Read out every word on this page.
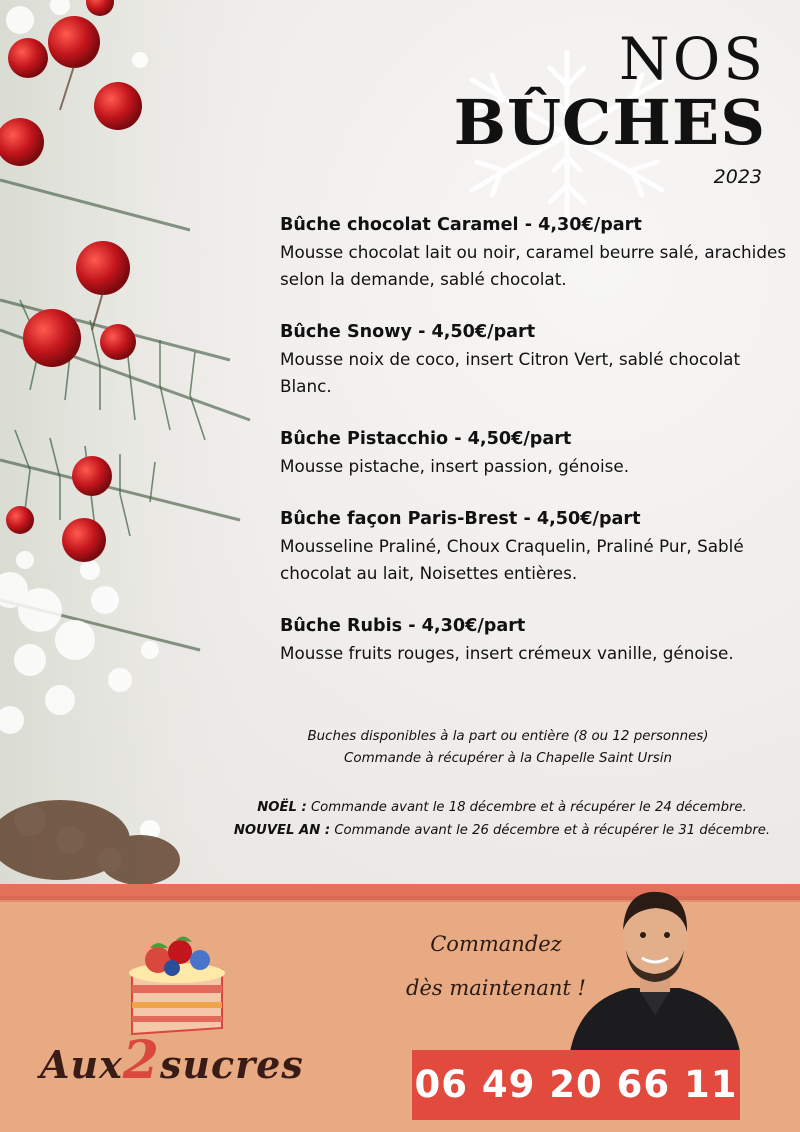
NOS
BÛCHES
2023
Bûche chocolat Caramel - 4,30€/part
Mousse chocolat lait ou noir, caramel beurre salé, arachides selon la demande, sablé chocolat.
Bûche Snowy - 4,50€/part
Mousse noix de coco, insert Citron Vert, sablé chocolat Blanc.
Bûche Pistacchio - 4,50€/part
Mousse pistache, insert passion, génoise.
Bûche façon Paris-Brest - 4,50€/part
Mousseline Praliné, Choux Craquelin, Praliné Pur, Sablé chocolat au lait, Noisettes entières.
Bûche Rubis - 4,30€/part
Mousse fruits rouges, insert crémeux vanille, génoise.
Buches disponibles à la part ou entière (8 ou 12 personnes)
Commande à récupérer à la Chapelle Saint Ursin
NOËL : Commande avant le 18 décembre et à récupérer le 24 décembre.
NOUVEL AN : Commande avant le 26 décembre et à récupérer le 31 décembre.
Aux2sucres
Commandez
dès maintenant !
06 49 20 66 11
